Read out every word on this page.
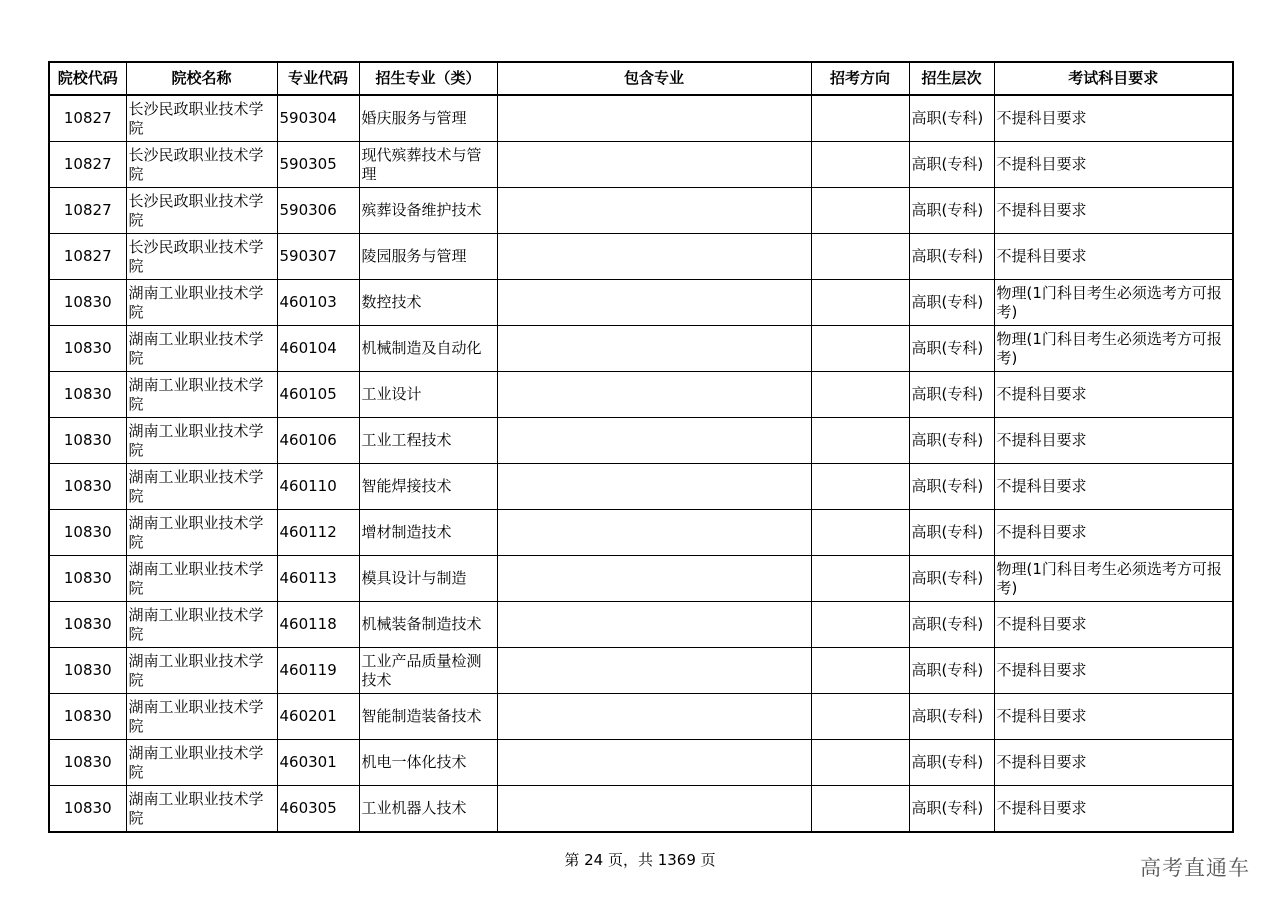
院校代码	院校名称	专业代码	招生专业（类）	包含专业	招考方向	招生层次	考试科目要求
10827	长沙民政职业技术学院	590304	婚庆服务与管理			高职(专科)	不提科目要求
10827	长沙民政职业技术学院	590305	现代殡葬技术与管理			高职(专科)	不提科目要求
10827	长沙民政职业技术学院	590306	殡葬设备维护技术			高职(专科)	不提科目要求
10827	长沙民政职业技术学院	590307	陵园服务与管理			高职(专科)	不提科目要求
10830	湖南工业职业技术学院	460103	数控技术			高职(专科)	物理(1门科目考生必须选考方可报考)
10830	湖南工业职业技术学院	460104	机械制造及自动化			高职(专科)	物理(1门科目考生必须选考方可报考)
10830	湖南工业职业技术学院	460105	工业设计			高职(专科)	不提科目要求
10830	湖南工业职业技术学院	460106	工业工程技术			高职(专科)	不提科目要求
10830	湖南工业职业技术学院	460110	智能焊接技术			高职(专科)	不提科目要求
10830	湖南工业职业技术学院	460112	增材制造技术			高职(专科)	不提科目要求
10830	湖南工业职业技术学院	460113	模具设计与制造			高职(专科)	物理(1门科目考生必须选考方可报考)
10830	湖南工业职业技术学院	460118	机械装备制造技术			高职(专科)	不提科目要求
10830	湖南工业职业技术学院	460119	工业产品质量检测技术			高职(专科)	不提科目要求
10830	湖南工业职业技术学院	460201	智能制造装备技术			高职(专科)	不提科目要求
10830	湖南工业职业技术学院	460301	机电一体化技术			高职(专科)	不提科目要求
10830	湖南工业职业技术学院	460305	工业机器人技术			高职(专科)	不提科目要求
第 24 页，共 1369 页	高考直通车
